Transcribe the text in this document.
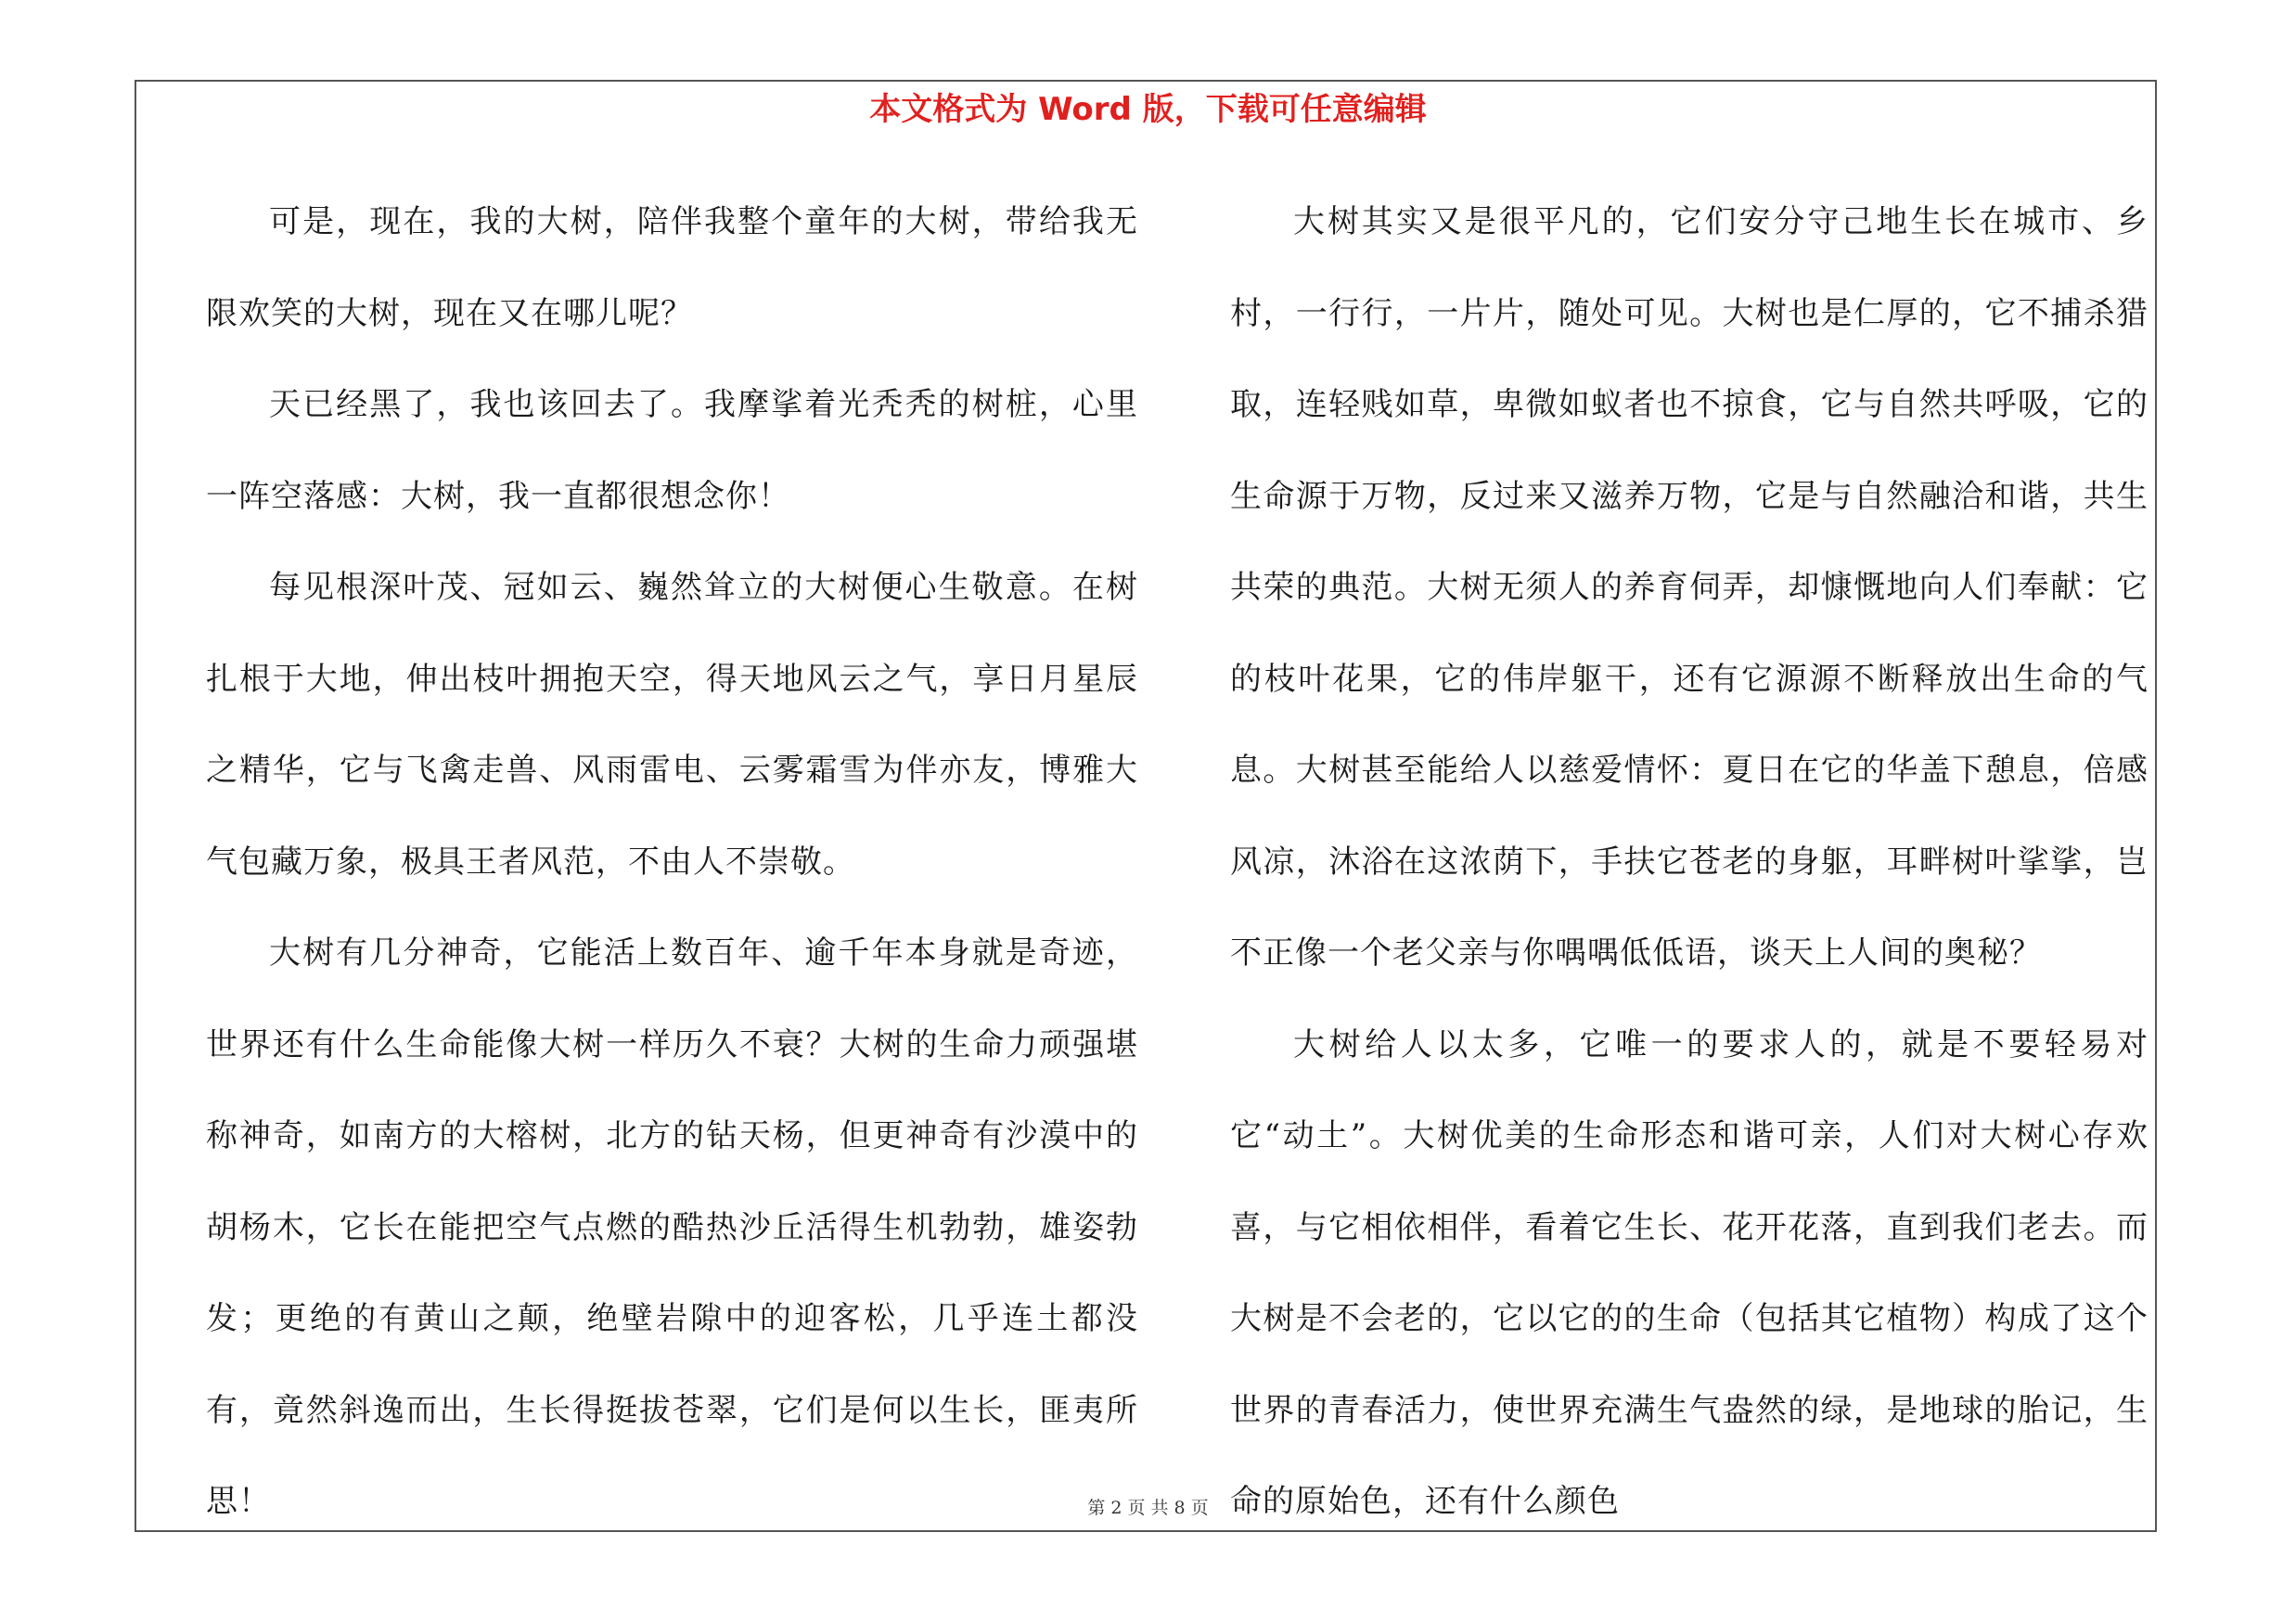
本文格式为 Word 版，下载可任意编辑

可是，现在，我的大树，陪伴我整个童年的大树，带给我无限欢笑的大树，现在又在哪儿呢？

天已经黑了，我也该回去了。我摩挲着光秃秃的树桩，心里一阵空落感：大树，我一直都很想念你！

每见根深叶茂、冠如云、巍然耸立的大树便心生敬意。在树扎根于大地，伸出枝叶拥抱天空，得天地风云之气，享日月星辰之精华，它与飞禽走兽、风雨雷电、云雾霜雪为伴亦友，博雅大气包藏万象，极具王者风范，不由人不崇敬。

大树有几分神奇，它能活上数百年、逾千年本身就是奇迹，世界还有什么生命能像大树一样历久不衰？大树的生命力顽强堪称神奇，如南方的大榕树，北方的钻天杨，但更神奇有沙漠中的胡杨木，它长在能把空气点燃的酷热沙丘活得生机勃勃，雄姿勃发；更绝的有黄山之颠，绝壁岩隙中的迎客松，几乎连土都没有，竟然斜逸而出，生长得挺拔苍翠，它们是何以生长，匪夷所思！

大树其实又是很平凡的，它们安分守己地生长在城市、乡村，一行行，一片片，随处可见。大树也是仁厚的，它不捕杀猎取，连轻贱如草，卑微如蚁者也不掠食，它与自然共呼吸，它的生命源于万物，反过来又滋养万物，它是与自然融洽和谐，共生共荣的典范。大树无须人的养育伺弄，却慷慨地向人们奉献：它的枝叶花果，它的伟岸躯干，还有它源源不断释放出生命的气息。大树甚至能给人以慈爱情怀：夏日在它的华盖下憩息，倍感风凉，沐浴在这浓荫下，手扶它苍老的身躯，耳畔树叶挲挲，岂不正像一个老父亲与你喁喁低低语，谈天上人间的奥秘？

大树给人以太多，它唯一的要求人的，就是不要轻易对它“动土”。大树优美的生命形态和谐可亲，人们对大树心存欢喜，与它相依相伴，看着它生长、花开花落，直到我们老去。而大树是不会老的，它以它的的生命（包括其它植物）构成了这个世界的青春活力，使世界充满生气盎然的绿，是地球的胎记，生命的原始色，还有什么颜色

第 2 页 共 8 页
